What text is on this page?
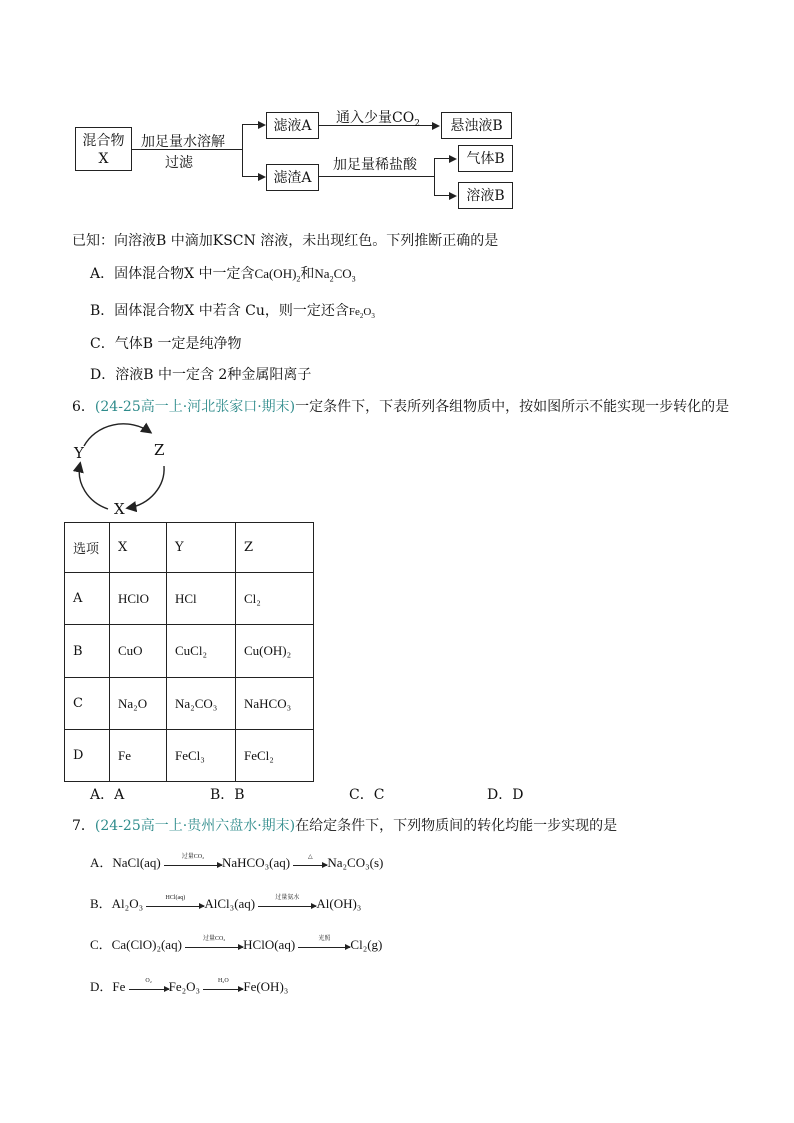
混合物
X
加足量水溶解
过滤
滤液A	通入少量$CO_2$	悬浊液B
滤渣A
加足量稀盐酸	气体B
溶液B
已知：向溶液B 中滴加KSCN 溶液，未出现红色。下列推断正确的是
A．固体混合物X 中一定含$Ca(OH)_2$和$Na_2CO_3$
B．固体混合物X 中若含 Cu，则一定还含$Fe_2O_3$
C．气体B 一定是纯净物
D．溶液B 中一定含 2种金属阳离子
6．(24-25高一上·河北张家口·期末)一定条件下，下表所列各组物质中，按如图所示不能实现一步转化的是
Y	Z
X
选项	X	Y	Z
A	HClO	HCl	Cl₂
B	CuO	CuCl₂	Cu(OH)₂
C	Na₂O	Na₂CO₃	NaHCO₃
D	Fe	FeCl₃	FeCl₂
A．A	B．B	C．C	D．D
7．(24-25高一上·贵州六盘水·期末)在给定条件下，下列物质间的转化均能一步实现的是
A．NaCl(aq)	过量CO₂	NaHCO₃(aq)	△	Na₂CO₃(s)
B．Al₂O₃	HCl(aq)	AlCl₃(aq)	过量氨水	Al(OH)₃
C．Ca(ClO)₂(aq)	过量CO₂	HClO(aq)	光照	Cl₂(g)
D．Fe	O₂	Fe₂O₃	H₂O	Fe(OH)₃
